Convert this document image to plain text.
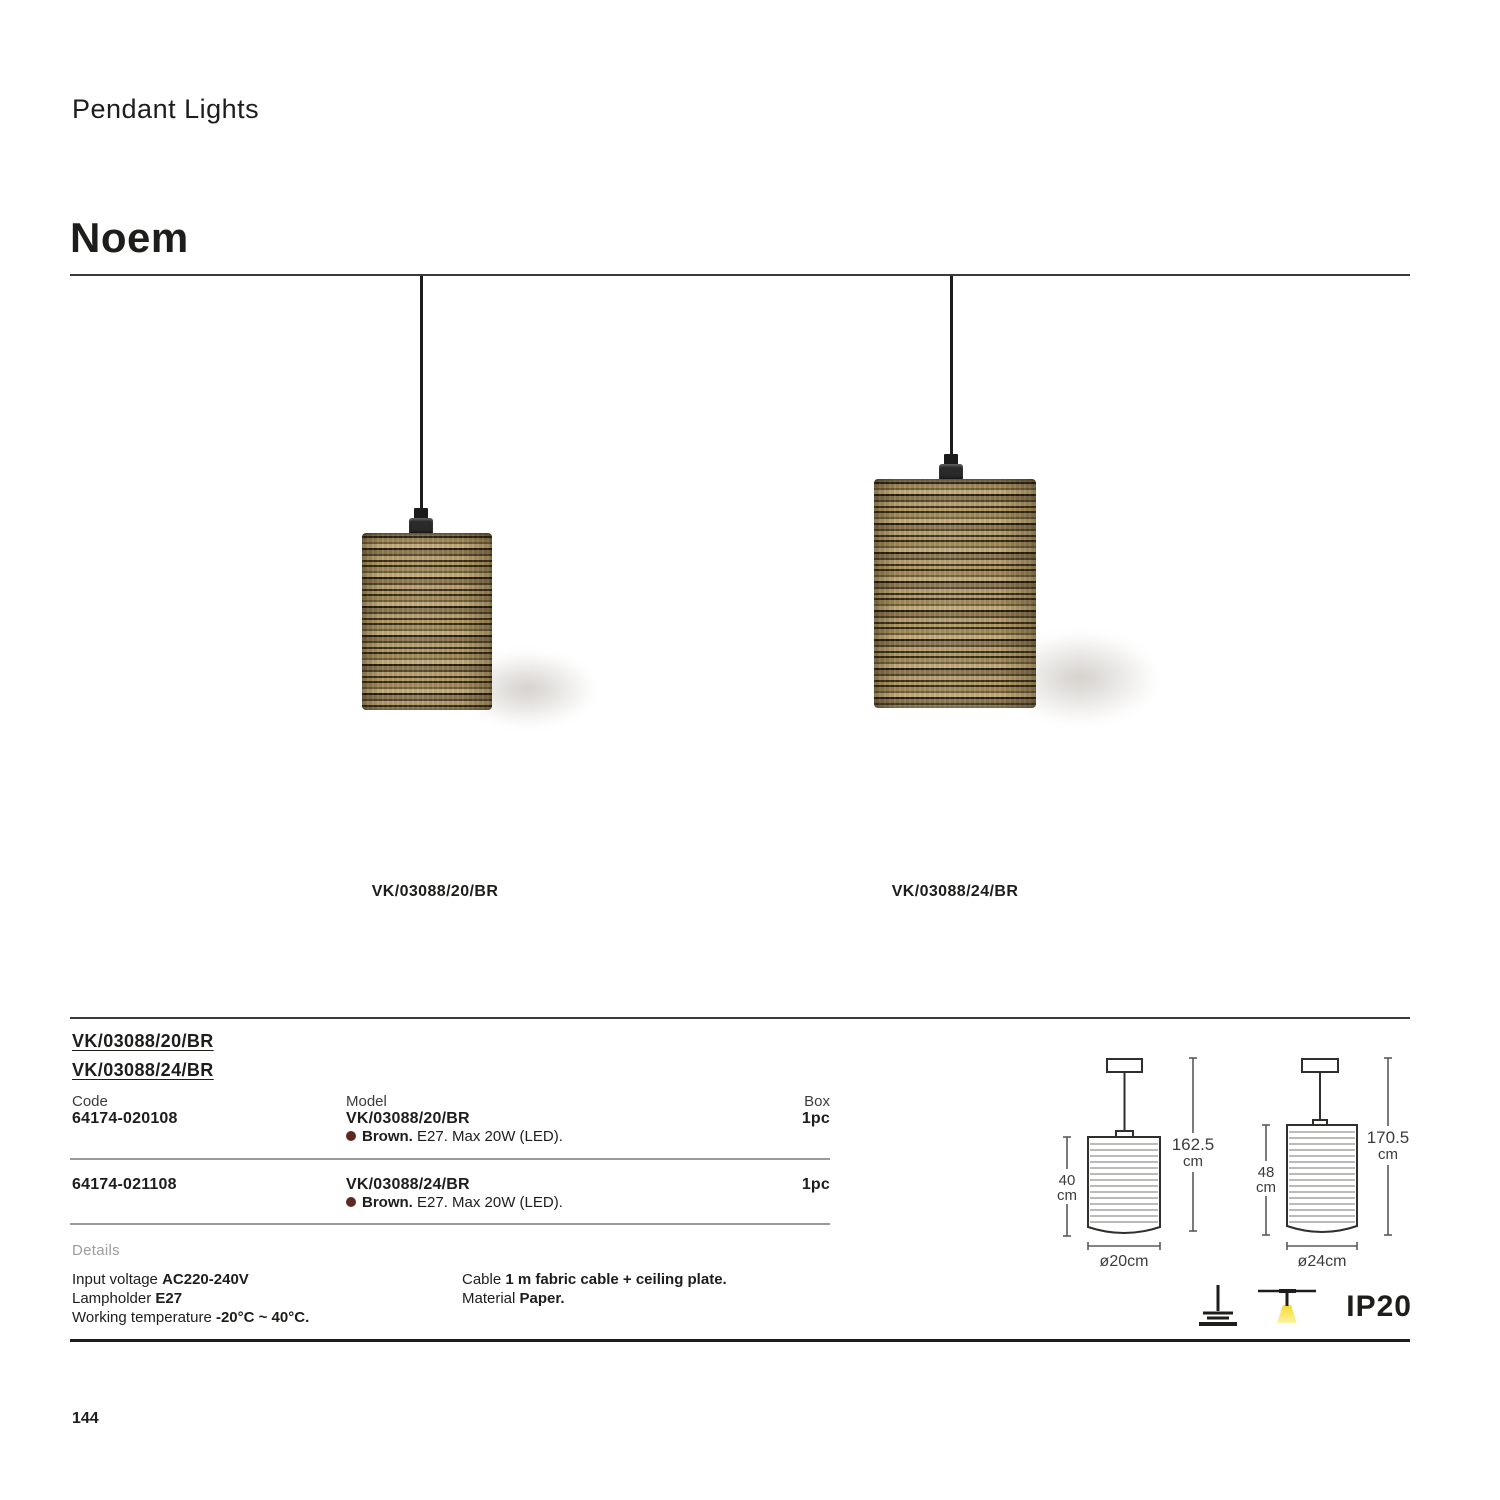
Pendant Lights
Noem
VK/03088/20/BR	VK/03088/24/BR
VK/03088/20/BR
VK/03088/24/BR
Code	Model	Box
64174-020108	VK/03088/20/BR	1pc
Brown. E27. Max 20W (LED).
64174-021108	VK/03088/24/BR	1pc
Brown. E27. Max 20W (LED).
Details
Input voltage AC220-240V
Lampholder E27
Working temperature -20°C ~ 40°C.
Cable 1 m fabric cable + ceiling plate.
Material Paper.
40
cm
162.5
cm
ø20cm
48
cm
170.5
cm
ø24cm
IP20
144
